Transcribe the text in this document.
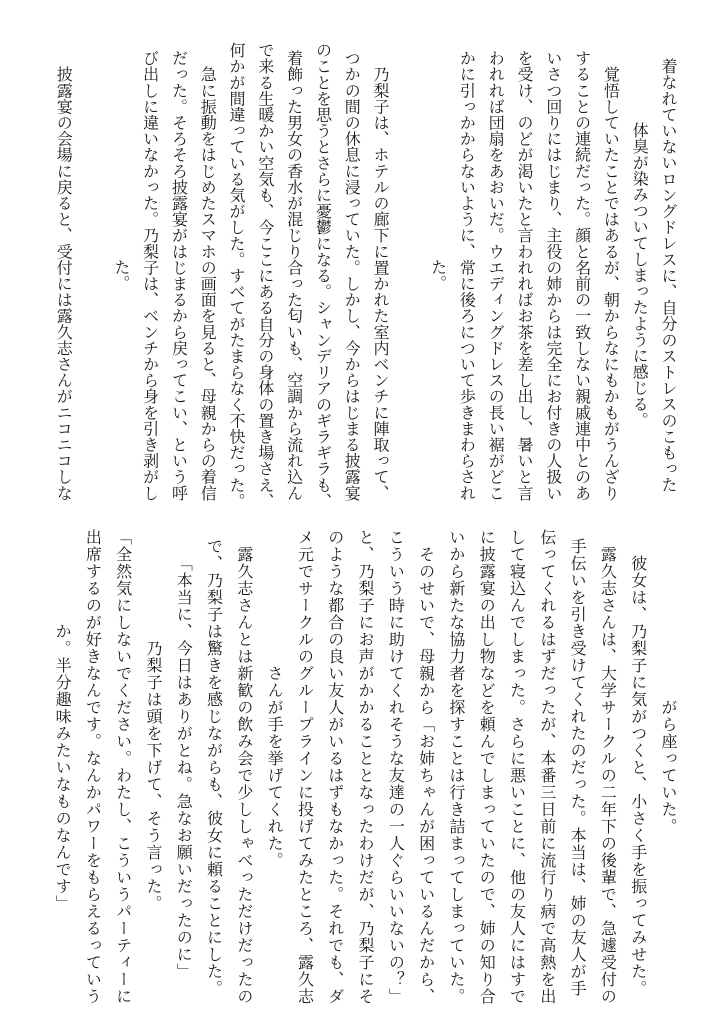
着なれていないロングドレスに、自分のストレスのこもった
体臭が染みついてしまったように感じる。
　覚悟していたことではあるが、朝からなにもかもがうんざり
することの連続だった。顔と名前の一致しない親戚連中とのあ
いさつ回りにはじまり、主役の姉からは完全にお付きの人扱い
を受け、のどが渇いたと言われればお茶を差し出し、暑いと言
われれば団扇をあおいだ。ウエディングドレスの長い裾がどこ
かに引っかからないように、常に後ろについて歩きまわらされ
た。
　乃梨子は、ホテルの廊下に置かれた室内ベンチに陣取って、
つかの間の休息に浸っていた。しかし、今からはじまる披露宴
のことを思うとさらに憂鬱になる。シャンデリアのギラギラも、
着飾った男女の香水が混じり合った匂いも、空調から流れ込ん
で来る生暖かい空気も、今ここにある自分の身体の置き場さえ、
何かが間違っている気がした。すべてがたまらなく不快だった。
　急に振動をはじめたスマホの画面を見ると、母親からの着信
だった。そろそろ披露宴がはじまるから戻ってこい、という呼
び出しに違いなかった。乃梨子は、ベンチから身を引き剥がし
た。
　披露宴の会場に戻ると、受付には露久志さんがニコニコしな
がら座っていた。
　彼女は、乃梨子に気がつくと、小さく手を振ってみせた。
　露久志さんは、大学サークルの二年下の後輩で、急遽受付の
手伝いを引き受けてくれたのだった。本当は、姉の友人が手
伝ってくれるはずだったが、本番三日前に流行り病で高熱を出
して寝込んでしまった。さらに悪いことに、他の友人にはすで
に披露宴の出し物などを頼んでしまっていたので、姉の知り合
いから新たな協力者を探すことは行き詰まってしまっていた。
　そのせいで、母親から「お姉ちゃんが困っているんだから、
こういう時に助けてくれそうな友達の一人ぐらいいないの？」
と、乃梨子にお声がかかることとなったわけだが、乃梨子にそ
のような都合の良い友人がいるはずもなかった。それでも、ダ
メ元でサークルのグループラインに投げてみたところ、露久志
さんが手を挙げてくれた。
　露久志さんとは新歓の飲み会で少ししゃべっただけだったの
で、乃梨子は驚きを感じながらも、彼女に頼ることにした。
「本当に、今日はありがとね。急なお願いだったのに」
　乃梨子は頭を下げて、そう言った。
「全然気にしないでください。わたし、こういうパーティーに
出席するのが好きなんです。なんかパワーをもらえるっていう
か。半分趣味みたいなものなんです」
